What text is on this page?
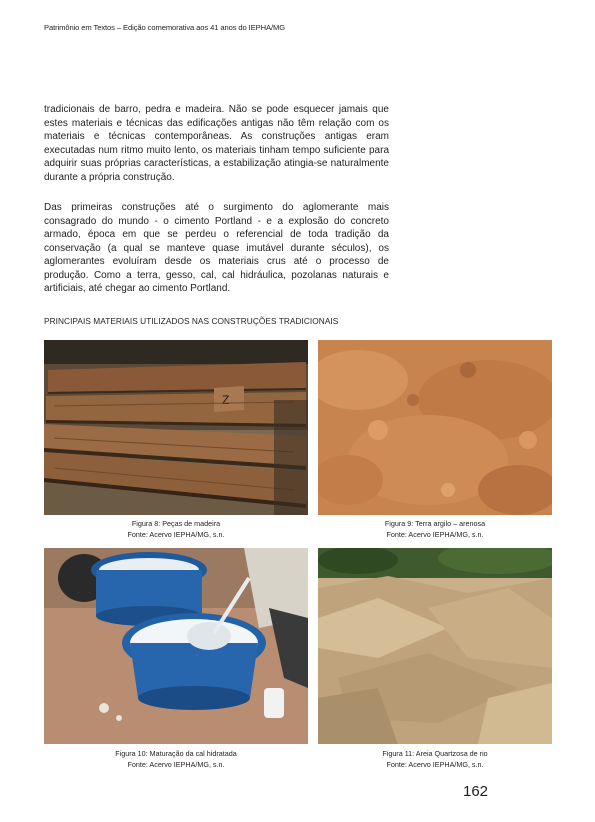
Patrimônio em Textos – Edição comemorativa aos 41 anos do IEPHA/MG

tradicionais de barro, pedra e madeira. Não se pode esquecer jamais que estes materiais e técnicas das edificações antigas não têm relação com os materiais e técnicas contemporâneas. As construções antigas eram executadas num ritmo muito lento, os materiais tinham tempo suficiente para adquirir suas próprias características, a estabilização atingia-se naturalmente durante a própria construção.

Das primeiras construções até o surgimento do aglomerante mais consagrado do mundo - o cimento Portland - e a explosão do concreto armado, época em que se perdeu o referencial de toda tradição da conservação (a qual se manteve quase imutável durante séculos), os aglomerantes evoluíram desde os materiais crus até o processo de produção. Como a terra, gesso, cal, cal hidráulica, pozolanas naturais e artificiais, até chegar ao cimento Portland.

PRINCIPAIS MATERIAIS UTILIZADOS NAS CONSTRUÇÕES TRADICIONAIS
Z
Figura 8: Peças de madeira
Fonte: Acervo IEPHA/MG, s.n.
Figura 9: Terra argilo – arenosa
Fonte: Acervo IEPHA/MG, s.n.
Figura 10: Maturação da cal hidratada
Fonte: Acervo IEPHA/MG, s.n.
Figura 11: Areia Quartzosa de rio
Fonte: Acervo IEPHA/MG, s.n.
162
